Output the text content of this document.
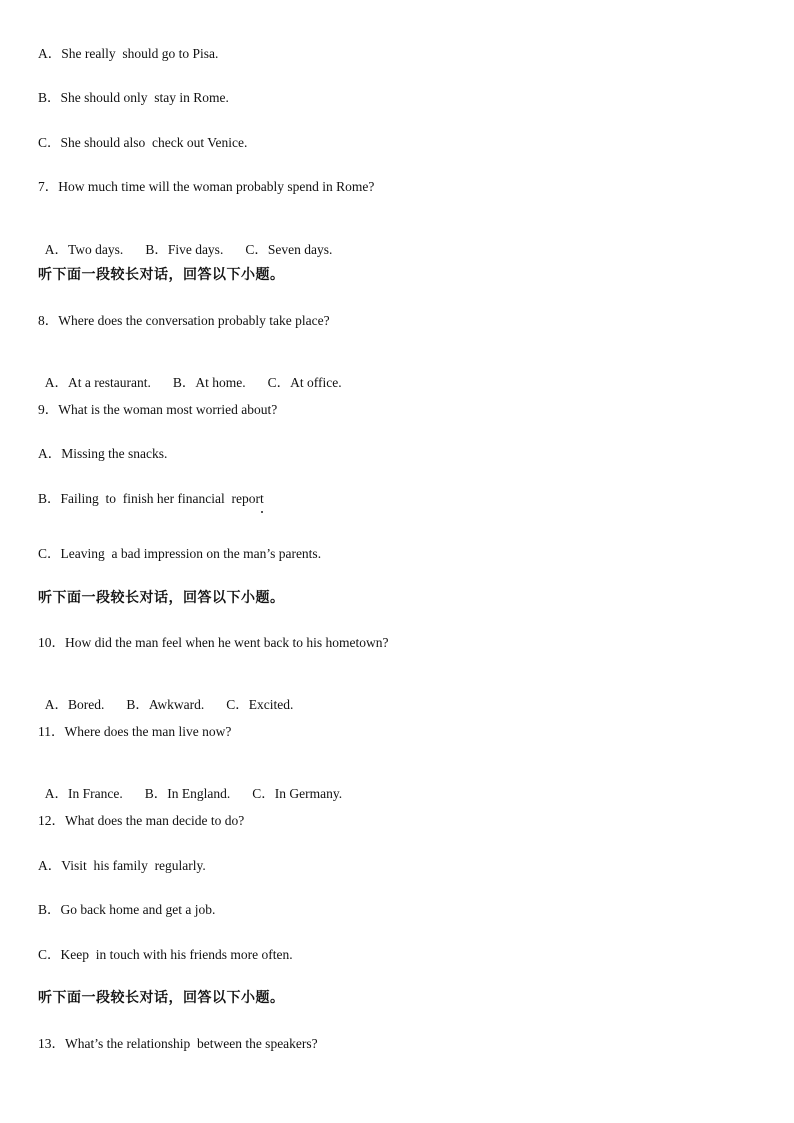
A．She really  should go to Pisa.
B．She should only  stay in Rome.
C．She should also  check out Venice.
7．How much time will the woman probably spend in Rome?

A．Two days. B．Five days. C．Seven days.

听下面一段较长对话，回答以下小题。
8．Where does the conversation probably take place?

A．At a restaurant. B．At home. C．At office.

9．What is the woman most worried about?
A．Missing the snacks.
B．Failing  to  finish her financial  report
C．Leaving  a bad impression on the man’s parents.
听下面一段较长对话，回答以下小题。
10．How did the man feel when he went back to his hometown?

A．Bored. B．Awkward. C．Excited.

11．Where does the man live now?

A．In France. B．In England. C．In Germany.

12．What does the man decide to do?
A．Visit  his family  regularly.
B．Go back home and get a job.
C．Keep  in touch with his friends more often.
听下面一段较长对话，回答以下小题。
13．What’s the relationship  between the speakers?
